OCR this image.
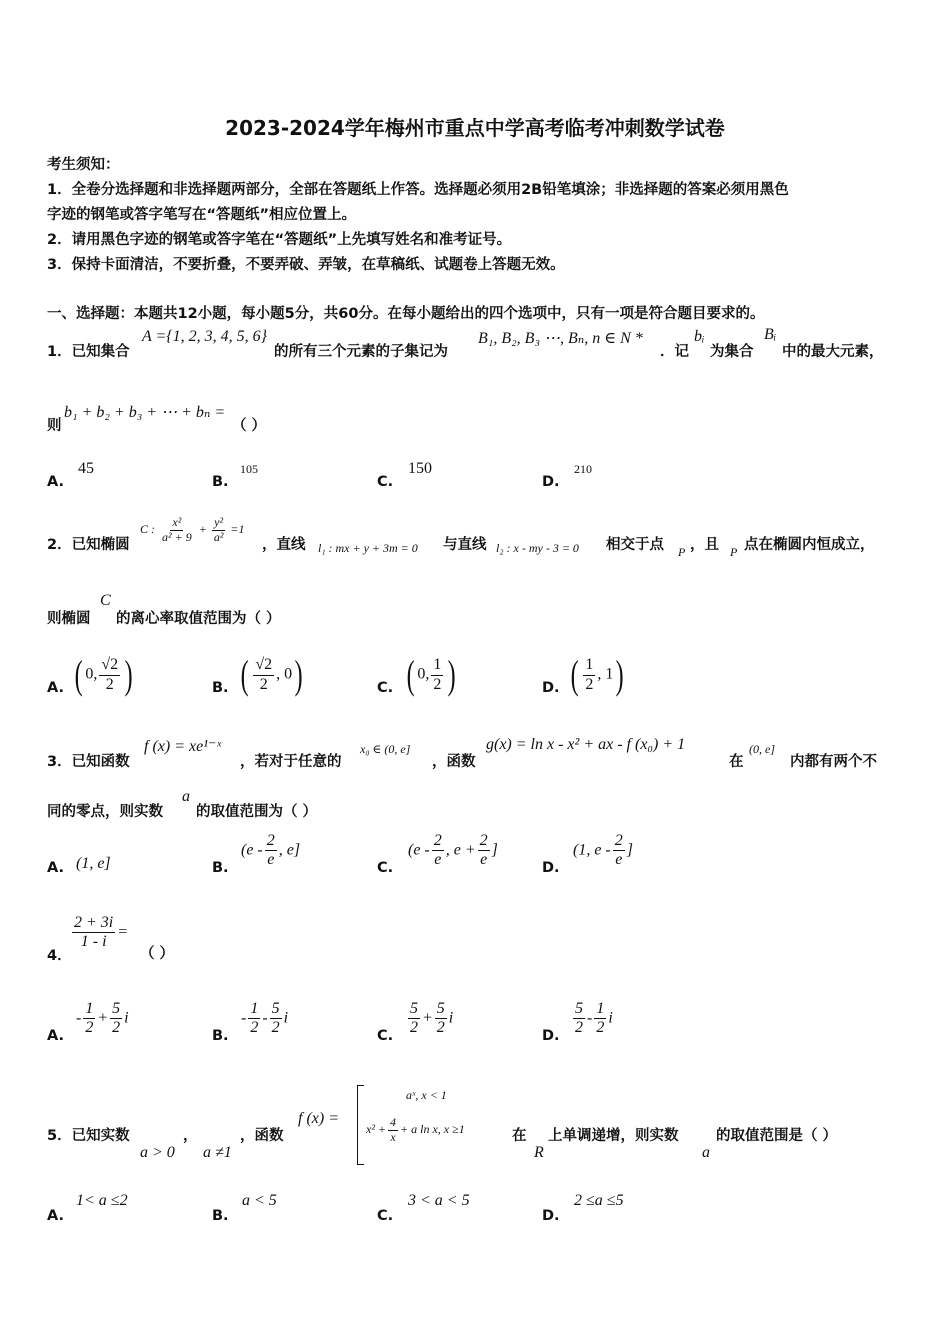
2023-2024学年梅州市重点中学高考临考冲刺数学试卷
考生须知：
1．全卷分选择题和非选择题两部分，全部在答题纸上作答。选择题必须用2B铅笔填涂；非选择题的答案必须用黑色
字迹的钢笔或答字笔写在“答题纸”相应位置上。
2．请用黑色字迹的钢笔或答字笔在“答题纸”上先填写姓名和准考证号。
3．保持卡面清洁，不要折叠，不要弄破、弄皱，在草稿纸、试题卷上答题无效。
一、选择题：本题共12小题，每小题5分，共60分。在每小题给出的四个选项中，只有一项是符合题目要求的。
1．已知集合
A ={1, 2, 3, 4, 5, 6}
的所有三个元素的子集记为
B₁, B₂, B₃ ⋯, Bₙ, n ∈ N *
．记
bᵢ
为集合
Bᵢ
中的最大元素，
则
b₁ + b₂ + b₃ + ⋯ + bₙ =
（ ）
A.
45
B.
105
C.
150
D.
210
2．已知椭圆
C : $\frac{\text{x²}}{\text{a² + 9}} + \frac{\text{y²}}{\text{a²}} =1$
，直线 l₁ : mx + y + 3m = 0 与直线 l₂ : x - my - 3 = 0 相交于点 P ，且 P 点在椭圆内恒成立，
则椭圆
C
的离心率取值范围为（ ）
A. ( 0, $\frac{√2}{2}$ )	B. ( $\frac{√2}{2}$ , 0)	C. ( 0, $\frac{1}{2}$ )	D. ( $\frac{1}{2}$ , 1)
3．已知函数
f (x) = xe¹⁻ˣ
，若对于任意的
x₀ ∈ (0, e]
，函数
g(x) = ln x - x² + ax - f (x₀) + 1
在
(0, e]
内都有两个不
同的零点，则实数
a
的取值范围为（ ）
A. (1, e]	B.
($e - \frac{2}{e}$ , e]
C.
($e - \frac{2}{e}$ , $e + \frac{2}{e}$ ]
D.
(1, e - $\frac{2}{e}$ ]
4．
$\frac{2 + 3i}{1 - i}$ =
（ ）
A.
- $\frac{1}{2} + \frac{5}{2}$ i
B.
- $\frac{1}{2} - \frac{5}{2}$ i
C. $\frac{5}{2} + \frac{5}{2}$ i
D. $\frac{5}{2} - \frac{1}{2}$ i
5．已知实数
a > 0
，
a ≠1
，函数
f (x) =
aˣ, x < 1
$x^2 + \frac{4}{x} + a$ ln x, x ≥1	在
R
上单调递增，则实数
a
的取值范围是（ ）
A.
1< a ≤2
B.
a < 5
C.
3 < a < 5
D.
2 ≤a ≤5
